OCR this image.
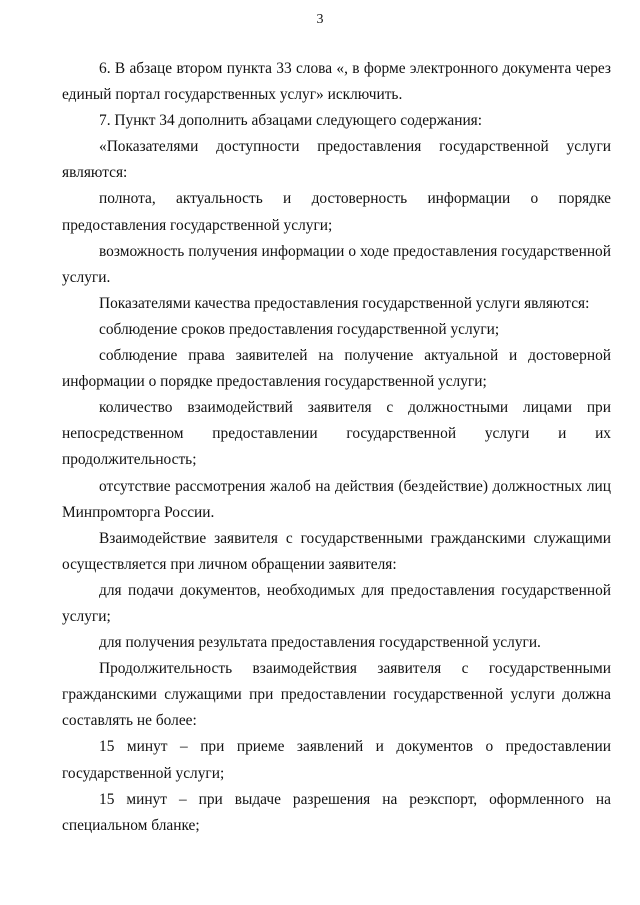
3

6. В абзаце втором пункта 33 слова «, в форме электронного документа через единый портал государственных услуг» исключить.

7. Пункт 34 дополнить абзацами следующего содержания:

«Показателями доступности предоставления государственной услуги являются:

полнота, актуальность и достоверность информации о порядке предоставления государственной услуги;

возможность получения информации о ходе предоставления государственной услуги.

Показателями качества предоставления государственной услуги являются:

соблюдение сроков предоставления государственной услуги;

соблюдение права заявителей на получение актуальной и достоверной информации о порядке предоставления государственной услуги;

количество взаимодействий заявителя с должностными лицами при непосредственном предоставлении государственной услуги и их продолжительность;

отсутствие рассмотрения жалоб на действия (бездействие) должностных лиц Минпромторга России.

Взаимодействие заявителя с государственными гражданскими служащими осуществляется при личном обращении заявителя:

для подачи документов, необходимых для предоставления государственной услуги;

для получения результата предоставления государственной услуги.

Продолжительность взаимодействия заявителя с государственными гражданскими служащими при предоставлении государственной услуги должна составлять не более:

15 минут – при приеме заявлений и документов о предоставлении государственной услуги;

15 минут – при выдаче разрешения на реэкспорт, оформленного на специальном бланке;
